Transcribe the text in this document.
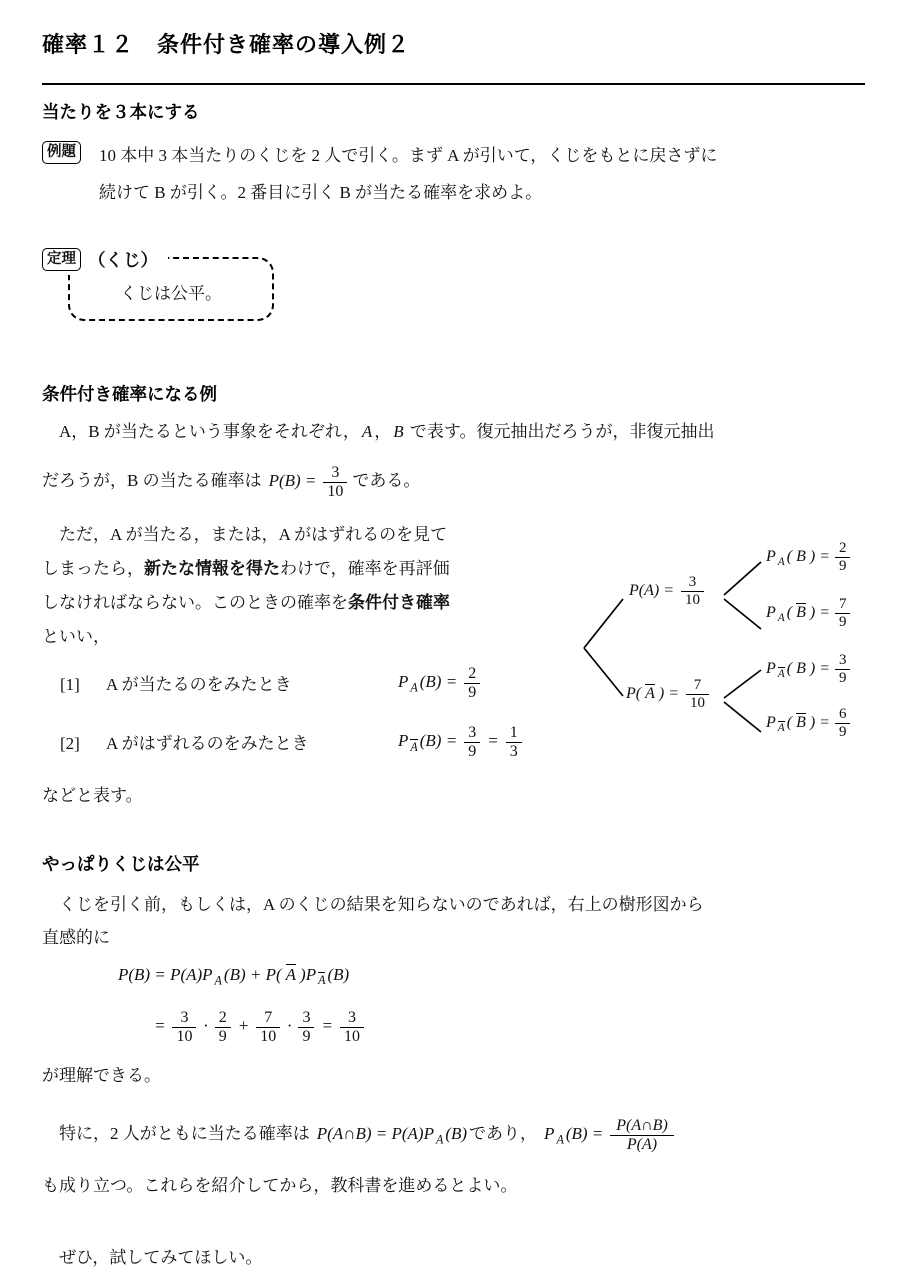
確率１２　条件付き確率の導入例２
当たりを３本にする
例題 10 本中 3 本当たりのくじを 2 人で引く。まず A が引いて，くじをもとに戻さずに
続けて B が引く。2 番目に引く B が当たる確率を求めよ。
くじは公平。
定理 （くじ）
条件付き確率になる例

A，B が当たるという事象をそれぞれ， A ， B で表す。復元抽出だろうが，非復元抽出

だろうが，B の当たる確率は $P(B) = \frac{3}{10}$ である。

ただ，A が当たる，または，A がはずれるのを見て
しまったら，新たな情報を得たわけで，確率を再評価
しなければならない。このときの確率を条件付き確率
といい，
[1]	A が当たるのをみたとき	P $_A$ $(B) = \frac{2}{9}$
[2]	A がはずれるのをみたとき	P $_A$ $(B) = \frac{3}{9} = \frac{1}{3}$

などと表す。

$P(A) = \frac{3}{10}$
P( A ) = $\frac{7}{10}$
P $_A$ ( B ) = $\frac{2}{9}$
P $_A$ ( B ) = $\frac{7}{9}$
P $_A$ ( B ) = $\frac{3}{9}$
P $_A$ ( B ) = $\frac{6}{9}$
やっぱりくじは公平

くじを引く前，もしくは，A のくじの結果を知らないのであれば，右上の樹形図から

直感的に

P(B) = P(A)P $_A$ (B) + P( A )P $_A$ (B)

= $\frac{3}{10} \cdot \frac{2}{9} + \frac{7}{10} \cdot \frac{3}{9} = \frac{3}{10}$

が理解できる。

特に，2 人がともに当たる確率は P(A∩B) = P(A)P $_A$ (B) であり， P $_A$ $(B) = \frac{P(A\cap B)}{P(A)}$

も成り立つ。これらを紹介してから，教科書を進めるとよい。

ぜひ，試してみてほしい。
